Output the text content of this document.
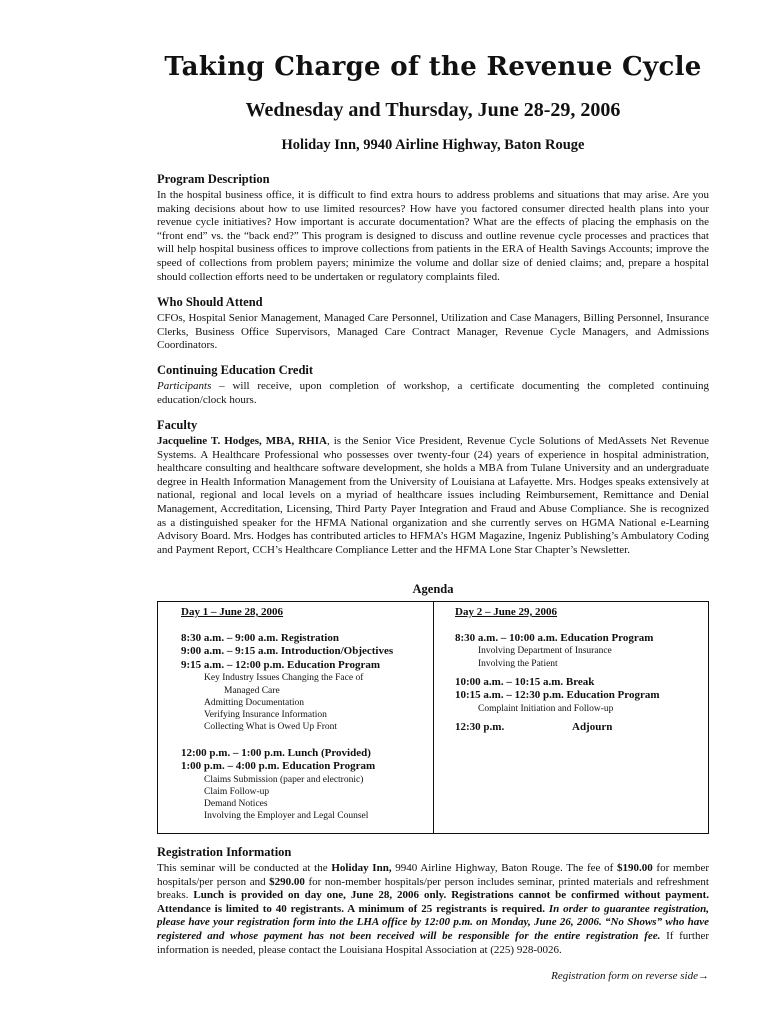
Taking Charge of the Revenue Cycle
Wednesday and Thursday, June 28-29, 2006
Holiday Inn, 9940 Airline Highway, Baton Rouge

Program Description

In the hospital business office, it is difficult to find extra hours to address problems and situations that may arise. Are you making decisions about how to use limited resources? How have you factored consumer directed health plans into your revenue cycle initiatives? How important is accurate documentation? What are the effects of placing the emphasis on the “front end” vs. the “back end?” This program is designed to discuss and outline revenue cycle processes and practices that will help hospital business offices to improve collections from patients in the ERA of Health Savings Accounts; improve the speed of collections from problem payers; minimize the volume and dollar size of denied claims; and, prepare a hospital should collection efforts need to be undertaken or regulatory complaints filed.

Who Should Attend

CFOs, Hospital Senior Management, Managed Care Personnel, Utilization and Case Managers, Billing Personnel, Insurance Clerks, Business Office Supervisors, Managed Care Contract Manager, Revenue Cycle Managers, and Admissions Coordinators.

Continuing Education Credit

Participants – will receive, upon completion of workshop, a certificate documenting the completed continuing education/clock hours.

Faculty

Jacqueline T. Hodges, MBA, RHIA, is the Senior Vice President, Revenue Cycle Solutions of MedAssets Net Revenue Systems. A Healthcare Professional who possesses over twenty-four (24) years of experience in hospital administration, healthcare consulting and healthcare software development, she holds a MBA from Tulane University and an undergraduate degree in Health Information Management from the University of Louisiana at Lafayette. Mrs. Hodges speaks extensively at national, regional and local levels on a myriad of healthcare issues including Reimbursement, Remittance and Denial Management, Accreditation, Licensing, Third Party Payer Integration and Fraud and Abuse Compliance. She is recognized as a distinguished speaker for the HFMA National organization and she currently serves on HGMA National e-Learning Advisory Board. Mrs. Hodges has contributed articles to HFMA’s HGM Magazine, Ingeniz Publishing’s Ambulatory Coding and Payment Report, CCH’s Healthcare Compliance Letter and the HFMA Lone Star Chapter’s Newsletter.

Agenda
Day 1 – June 28, 2006
8:30 a.m. – 9:00 a.m. Registration
9:00 a.m. – 9:15 a.m. Introduction/Objectives
9:15 a.m. – 12:00 p.m. Education Program
Key Industry Issues Changing the Face of
Managed Care
Admitting Documentation
Verifying Insurance Information
Collecting What is Owed Up Front
12:00 p.m. – 1:00 p.m. Lunch (Provided)
1:00 p.m. – 4:00 p.m. Education Program
Claims Submission (paper and electronic)
Claim Follow-up
Demand Notices
Involving the Employer and Legal Counsel
Day 2 – June 29, 2006
8:30 a.m. – 10:00 a.m. Education Program
Involving Department of Insurance
Involving the Patient
10:00 a.m. – 10:15 a.m. Break
10:15 a.m. – 12:30 p.m. Education Program
Complaint Initiation and Follow-up
12:30 p.m.	Adjourn

Registration Information

This seminar will be conducted at the Holiday Inn, 9940 Airline Highway, Baton Rouge. The fee of $190.00 for member hospitals/per person and $290.00 for non-member hospitals/per person includes seminar, printed materials and refreshment breaks. Lunch is provided on day one, June 28, 2006 only. Registrations cannot be confirmed without payment. Attendance is limited to 40 registrants. A minimum of 25 registrants is required. In order to guarantee registration, please have your registration form into the LHA office by 12:00 p.m. on Monday, June 26, 2006. “No Shows” who have registered and whose payment has not been received will be responsible for the entire registration fee. If further information is needed, please contact the Louisiana Hospital Association at (225) 928-0026.

Registration form on reverse side→
